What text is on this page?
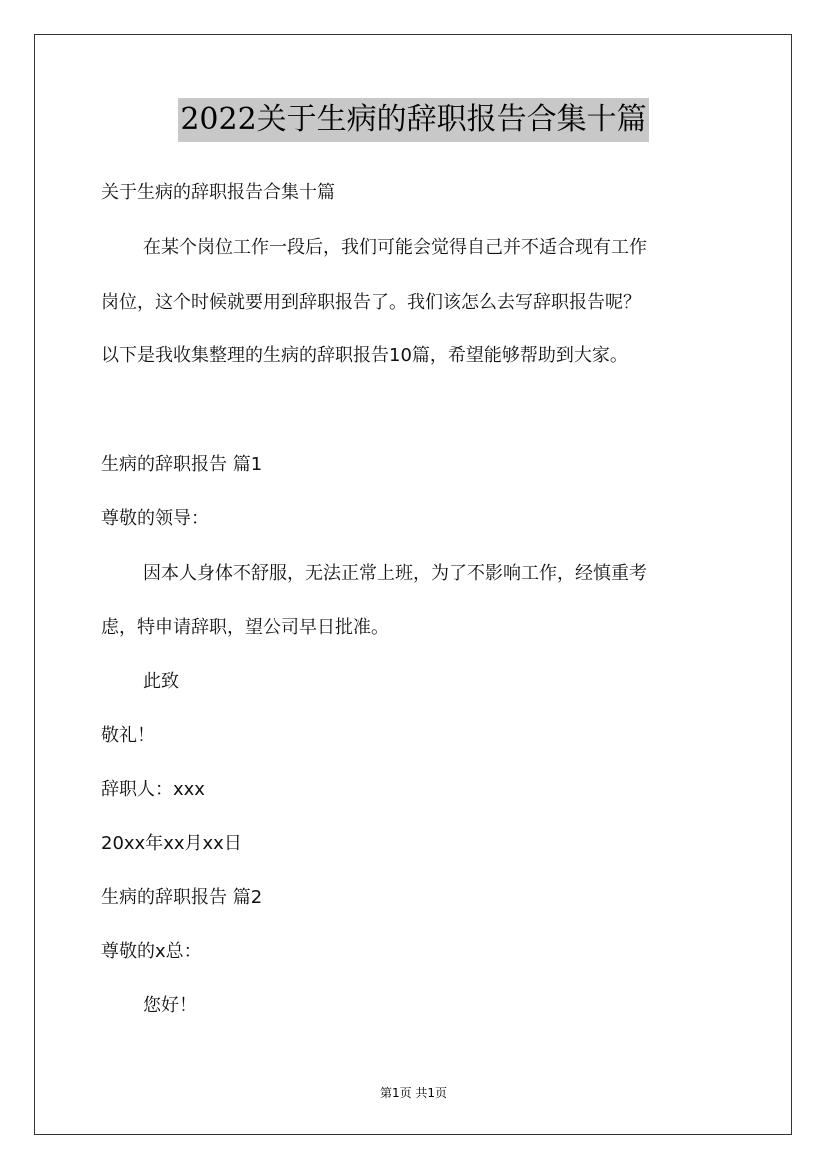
2022关于生病的辞职报告合集十篇
关于生病的辞职报告合集十篇
在某个岗位工作一段后，我们可能会觉得自己并不适合现有工作
岗位，这个时候就要用到辞职报告了。我们该怎么去写辞职报告呢？
以下是我收集整理的生病的辞职报告10篇，希望能够帮助到大家。
生病的辞职报告 篇1
尊敬的领导：
因本人身体不舒服，无法正常上班，为了不影响工作，经慎重考
虑，特申请辞职，望公司早日批准。
此致
敬礼！
辞职人：xxx
20xx年xx月xx日
生病的辞职报告 篇2
尊敬的x总：
您好！
第1页 共1页
